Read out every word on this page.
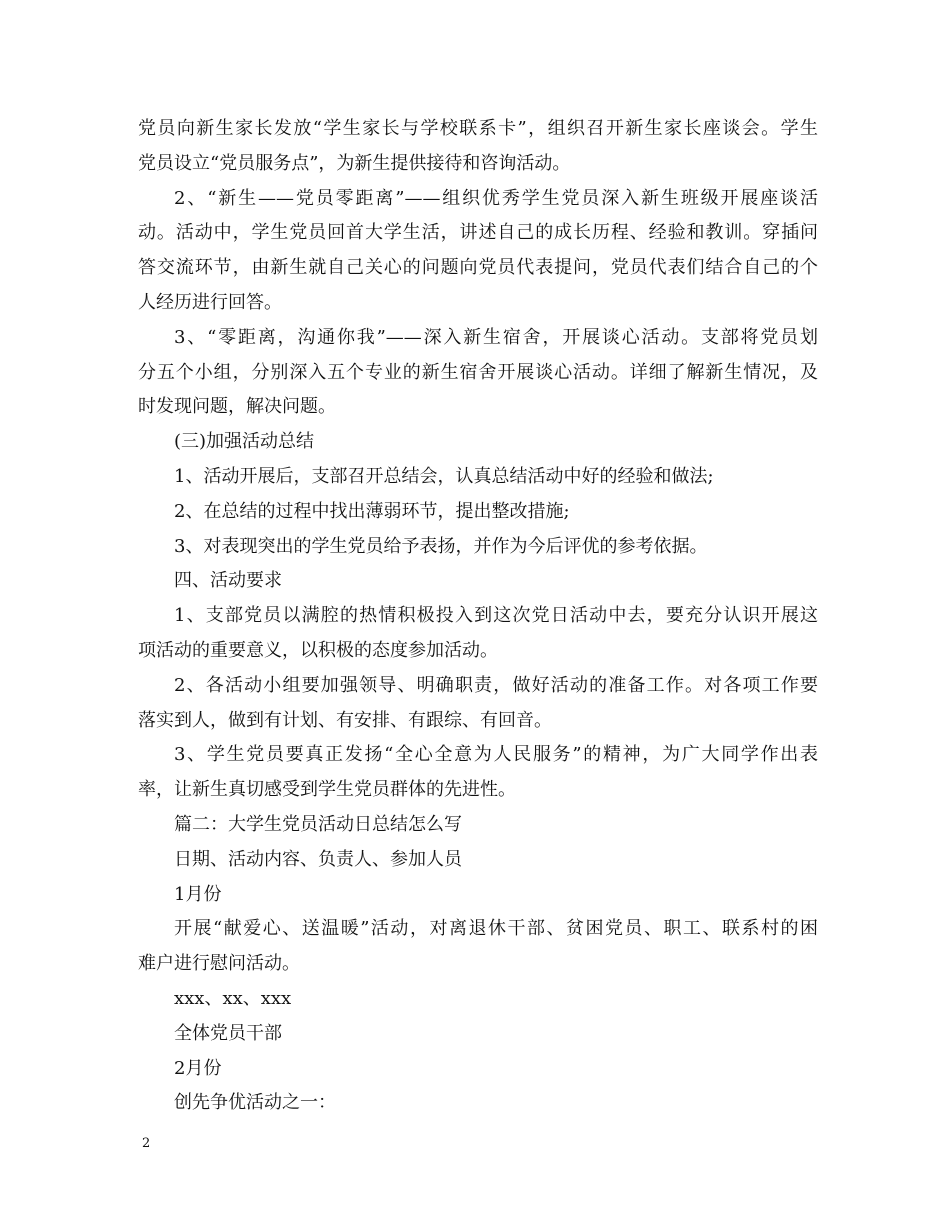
党员向新生家长发放“学生家长与学校联系卡”，组织召开新生家长座谈会。学生
党员设立“党员服务点”，为新生提供接待和咨询活动。
2、“新生——党员零距离”——组织优秀学生党员深入新生班级开展座谈活
动。活动中，学生党员回首大学生活，讲述自己的成长历程、经验和教训。穿插问
答交流环节，由新生就自己关心的问题向党员代表提问，党员代表们结合自己的个
人经历进行回答。
3、“零距离，沟通你我”——深入新生宿舍，开展谈心活动。支部将党员划
分五个小组，分别深入五个专业的新生宿舍开展谈心活动。详细了解新生情况，及
时发现问题，解决问题。
(三)加强活动总结
1、活动开展后，支部召开总结会，认真总结活动中好的经验和做法;
2、在总结的过程中找出薄弱环节，提出整改措施;
3、对表现突出的学生党员给予表扬，并作为今后评优的参考依据。
四、活动要求
1、支部党员以满腔的热情积极投入到这次党日活动中去，要充分认识开展这
项活动的重要意义，以积极的态度参加活动。
2、各活动小组要加强领导、明确职责，做好活动的准备工作。对各项工作要
落实到人，做到有计划、有安排、有跟综、有回音。
3、学生党员要真正发扬“全心全意为人民服务”的精神，为广大同学作出表
率，让新生真切感受到学生党员群体的先进性。
篇二：大学生党员活动日总结怎么写
日期、活动内容、负责人、参加人员
1月份
开展“献爱心、送温暖”活动，对离退休干部、贫困党员、职工、联系村的困
难户进行慰问活动。
xxx、xx、xxx
全体党员干部
2月份
创先争优活动之一：
2
